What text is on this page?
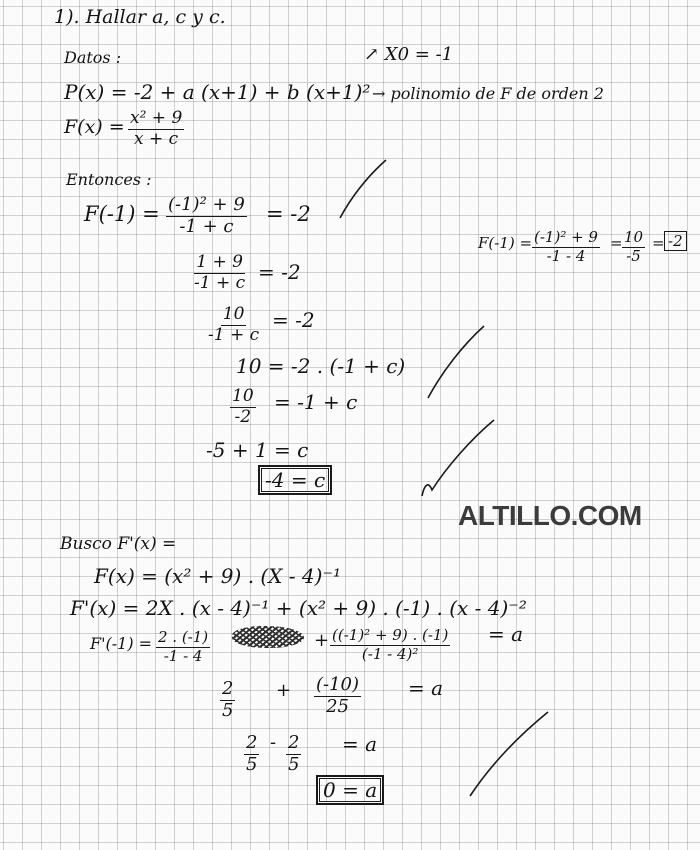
1). Hallar a, c y c.
Datos :	↗ X0 = -1
P(x) = -2 + a (x+1) + b (x+1)² → polinomio de F de orden 2
$F(x) = \frac{\text{x² + 9}}{x + c}$
Entonces :
$F(-1) = \frac{\text{(-1)² + 9}}{-1 + c} = -2$
$\frac{1 + 9}{-1 + c} = -2$
$\frac{10}{-1 + c} = -2$
10 = -2 . (-1 + c)
$\frac{10}{-2} = -1 + c$
-5 + 1 = c
-4 = c
$F(-1) = \frac{\text{(-1)² + 9}}{-1 - 4} = \frac{10}{-5} = -2$
ALTILLO.COM
Busco F'(x) =
F(x) = (x² + 9) . (X - 4)⁻¹
F'(x) = 2X . (x - 4)⁻¹ + (x² + 9) . (-1) . (x - 4)⁻²
$F'(-1) = \frac{2 . (-1)}{-1 - 4}$	+ $\frac{\text{((-1)² + 9) . (-1)}}{\text{(-1 - 4)²}} = a$
$\frac{2}{5} + \frac{(-10)}{25} = a$
$\frac{2}{5} - \frac{2}{5} = a$
0 = a
